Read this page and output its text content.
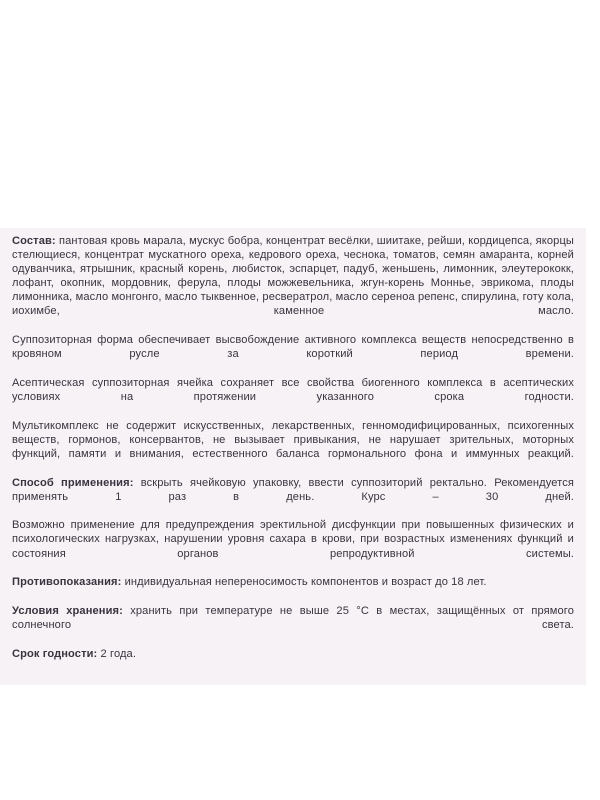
Состав: пантовая кровь марала, мускус бобра, концентрат весёлки, шиитаке, рейши, кордицепса, якорцы стелющиеся, концентрат мускатного ореха, кедрового ореха, чеснока, томатов, семян амаранта, корней одуванчика, ятрышник, красный корень, любисток, эспарцет, падуб, женьшень, лимонник, элеутерококк, лофант, окопник, мордовник, ферула, плоды можжевельника, жгун-корень Моннье, эврикома, плоды лимонника, масло монгонго, масло тыквенное, ресвератрол, масло сереноа репенс, спирулина, готу кола, иохимбе, каменное масло.

Суппозиторная форма обеспечивает высвобождение активного комплекса веществ непосредственно в кровяном русле за короткий период времени.

Асептическая суппозиторная ячейка сохраняет все свойства биогенного комплекса в асептических условиях на протяжении указанного срока годности.

Мультикомплекс не содержит искусственных, лекарственных, генномодифицированных, психогенных веществ, гормонов, консервантов, не вызывает привыкания, не нарушает зрительных, моторных функций, памяти и внимания, естественного баланса гормонального фона и иммунных реакций.

Способ применения: вскрыть ячейковую упаковку, ввести суппозиторий ректально. Рекомендуется применять 1 раз в день. Курс – 30 дней.

Возможно применение для предупреждения эректильной дисфункции при повышенных физических и психологических нагрузках, нарушении уровня сахара в крови, при возрастных изменениях функций и состояния органов репродуктивной системы.

Противопоказания: индивидуальная непереносимость компонентов и возраст до 18 лет.

Условия хранения: хранить при температуре не выше 25 °C в местах, защищённых от прямого солнечного света.

Срок годности: 2 года.
